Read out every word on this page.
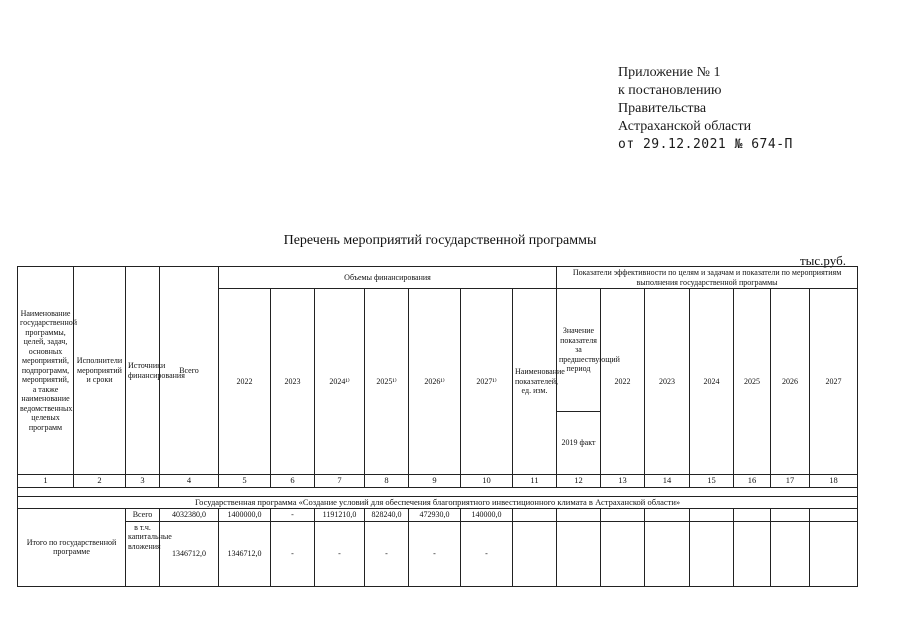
Приложение № 1
к постановлению
Правительства
Астраханской области
от 29.12.2021 № 674-П
Перечень мероприятий государственной программы
тыс.руб.
Наименование государственной программы, целей, задач, основных мероприятий, подпрограмм, мероприятий, а также наименование ведомственных целевых программ	Исполнители мероприятий и сроки	Источники финансирования	Всего	Объемы финансирования							Показатели эффективности по целям и задачам и показатели по мероприятиям выполнения государственной программы						
				2022	2023	2024¹⁾	2025¹⁾	2026¹⁾	2027¹⁾	Наименование показателей, ед. изм.	Значение показателя за предшествующий период	2022	2023	2024	2025	2026	2027
											2019 факт						
1	2	3	4	5	6	7	8	9	10	11	12	13	14	15	16	17	18

Государственная программа «Создание условий для обеспечения благоприятного инвестиционного климата в Астраханской области»																	
Итого по государственной программе		Всего	4032380,0	1400000,0	-	1191210,0	828240,0	472930,0	140000,0								
		в т.ч. капитальные вложения	1346712,0	1346712,0	-	-	-	-	-								
